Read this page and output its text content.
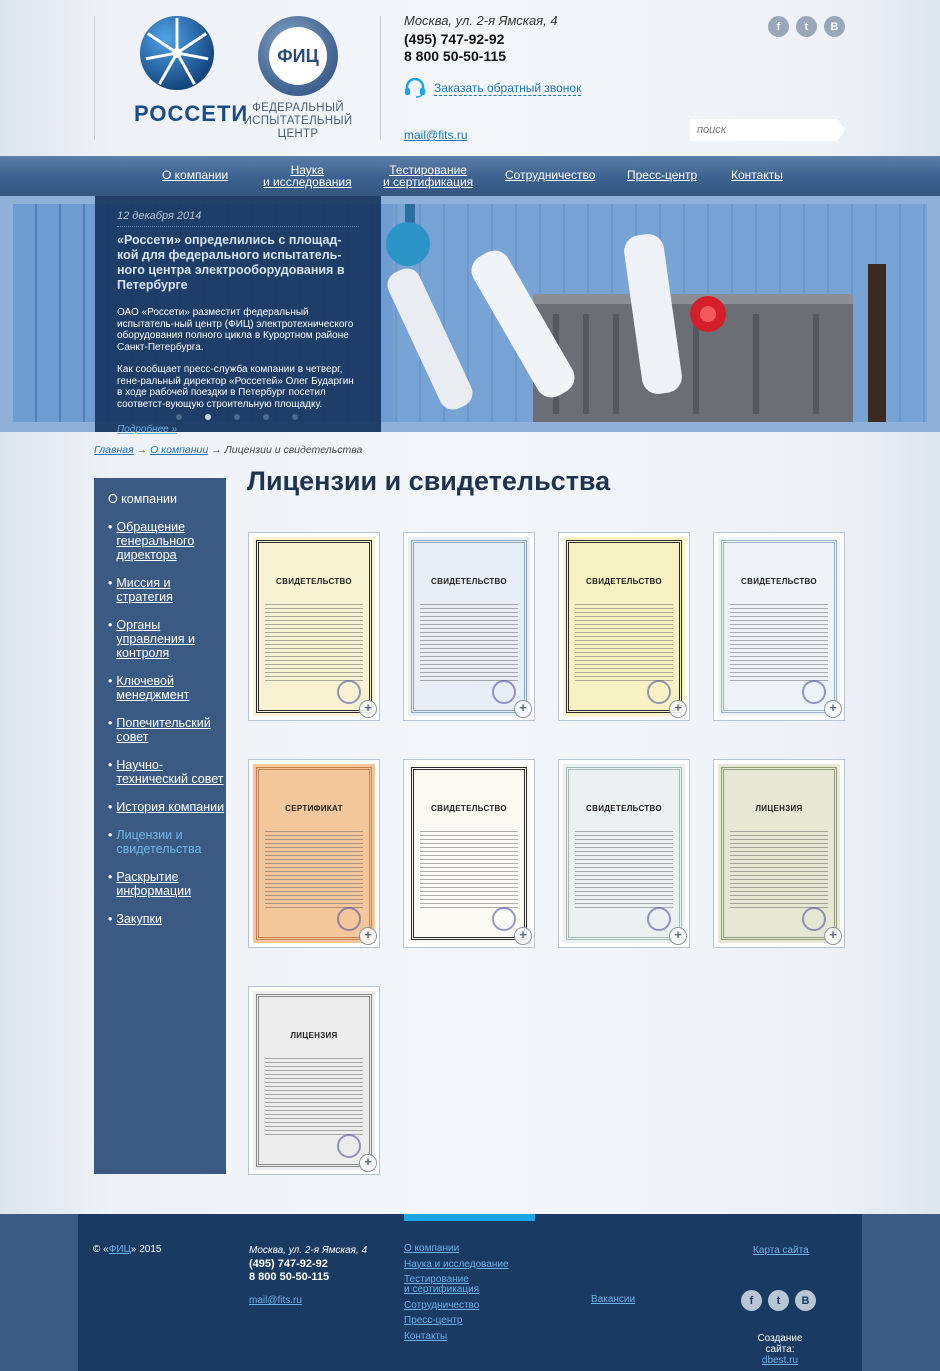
РОССЕТИ
ФИЦ
ФЕДЕРАЛЬНЫЙ
ИСПЫТАТЕЛЬНЫЙ
ЦЕНТР
Москва, ул. 2-я Ямская, 4
(495) 747-92-92
8 800 50-50-115
Заказать обратный звонок
mail@fits.ru
f	t	B
поиск
О компании	Наука
и исследования
Тестирование
и сертификация	Сотрудничество	Пресс-центр	Контакты
12 декабря 2014
«Россети» определились с площад-кой для федерального испытатель-ного центра электрооборудования в Петербурге
ОАО «Россети» разместит федеральный испытатель-ный центр (ФИЦ) электротехнического оборудования полного цикла в Курортном районе Санкт-Петербурга.
Как сообщает пресс-служба компании в четверг, гене-ральный директор «Россетей» Олег Бударгин в ходе рабочей поездки в Петербург посетил соответст-вующую строительную площадку.
Подробнее »
Главная → О компании → Лицензии и свидетельства
О компании
• Обращение генерального директора
• Миссия и стратегия
• Органы управления и контроля
• Ключевой менеджмент
• Попечительский совет
• Научно-технический совет
• История компании
• Лицензии и свидетельства
• Раскрытие информации
• Закупки
Лицензии и свидетельства
СВИДЕТЕЛЬСТВО
+
СВИДЕТЕЛЬСТВО
+
СВИДЕТЕЛЬСТВО
+
СВИДЕТЕЛЬСТВО
+
СЕРТИФИКАТ
+
СВИДЕТЕЛЬСТВО
+
СВИДЕТЕЛЬСТВО
+
ЛИЦЕНЗИЯ
+
ЛИЦЕНЗИЯ
+
© «ФИЦ» 2015	Москва, ул. 2-я Ямская, 4
(495) 747-92-92
8 800 50-50-115
mail@fits.ru
О компании
Наука и исследование
Тестирование
и сертификация
Сотрудничество
Пресс-центр
Контакты
Вакансии
Карта сайта
f	t	B
Создание сайта:
dbest.ru
